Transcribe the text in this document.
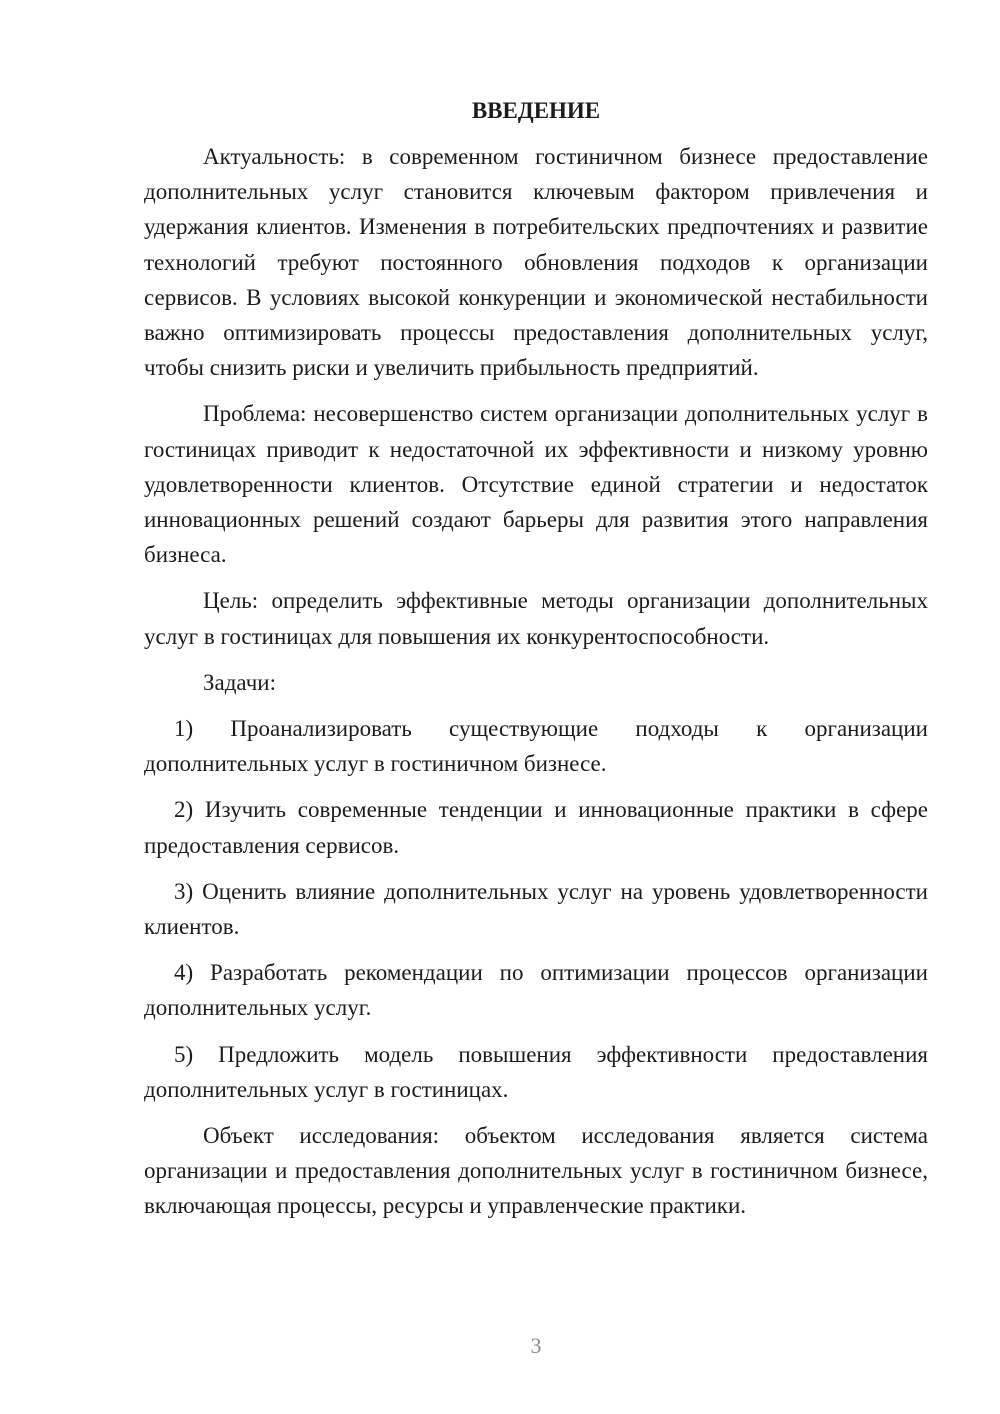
ВВЕДЕНИЕ

Актуальность: в современном гостиничном бизнесе предоставление дополнительных услуг становится ключевым фактором привлечения и удержания клиентов. Изменения в потребительских предпочтениях и развитие технологий требуют постоянного обновления подходов к организации сервисов. В условиях высокой конкуренции и экономической нестабильности важно оптимизировать процессы предоставления дополнительных услуг, чтобы снизить риски и увеличить прибыльность предприятий.

Проблема: несовершенство систем организации дополнительных услуг в гостиницах приводит к недостаточной их эффективности и низкому уровню удовлетворенности клиентов. Отсутствие единой стратегии и недостаток инновационных решений создают барьеры для развития этого направления бизнеса.

Цель: определить эффективные методы организации дополнительных услуг в гостиницах для повышения их конкурентоспособности.

Задачи:

1) Проанализировать существующие подходы к организации дополнительных услуг в гостиничном бизнесе.

2) Изучить современные тенденции и инновационные практики в сфере предоставления сервисов.

3) Оценить влияние дополнительных услуг на уровень удовлетворенности клиентов.

4) Разработать рекомендации по оптимизации процессов организации дополнительных услуг.

5) Предложить модель повышения эффективности предоставления дополнительных услуг в гостиницах.

Объект исследования: объектом исследования является система организации и предоставления дополнительных услуг в гостиничном бизнесе, включающая процессы, ресурсы и управленческие практики.

3
